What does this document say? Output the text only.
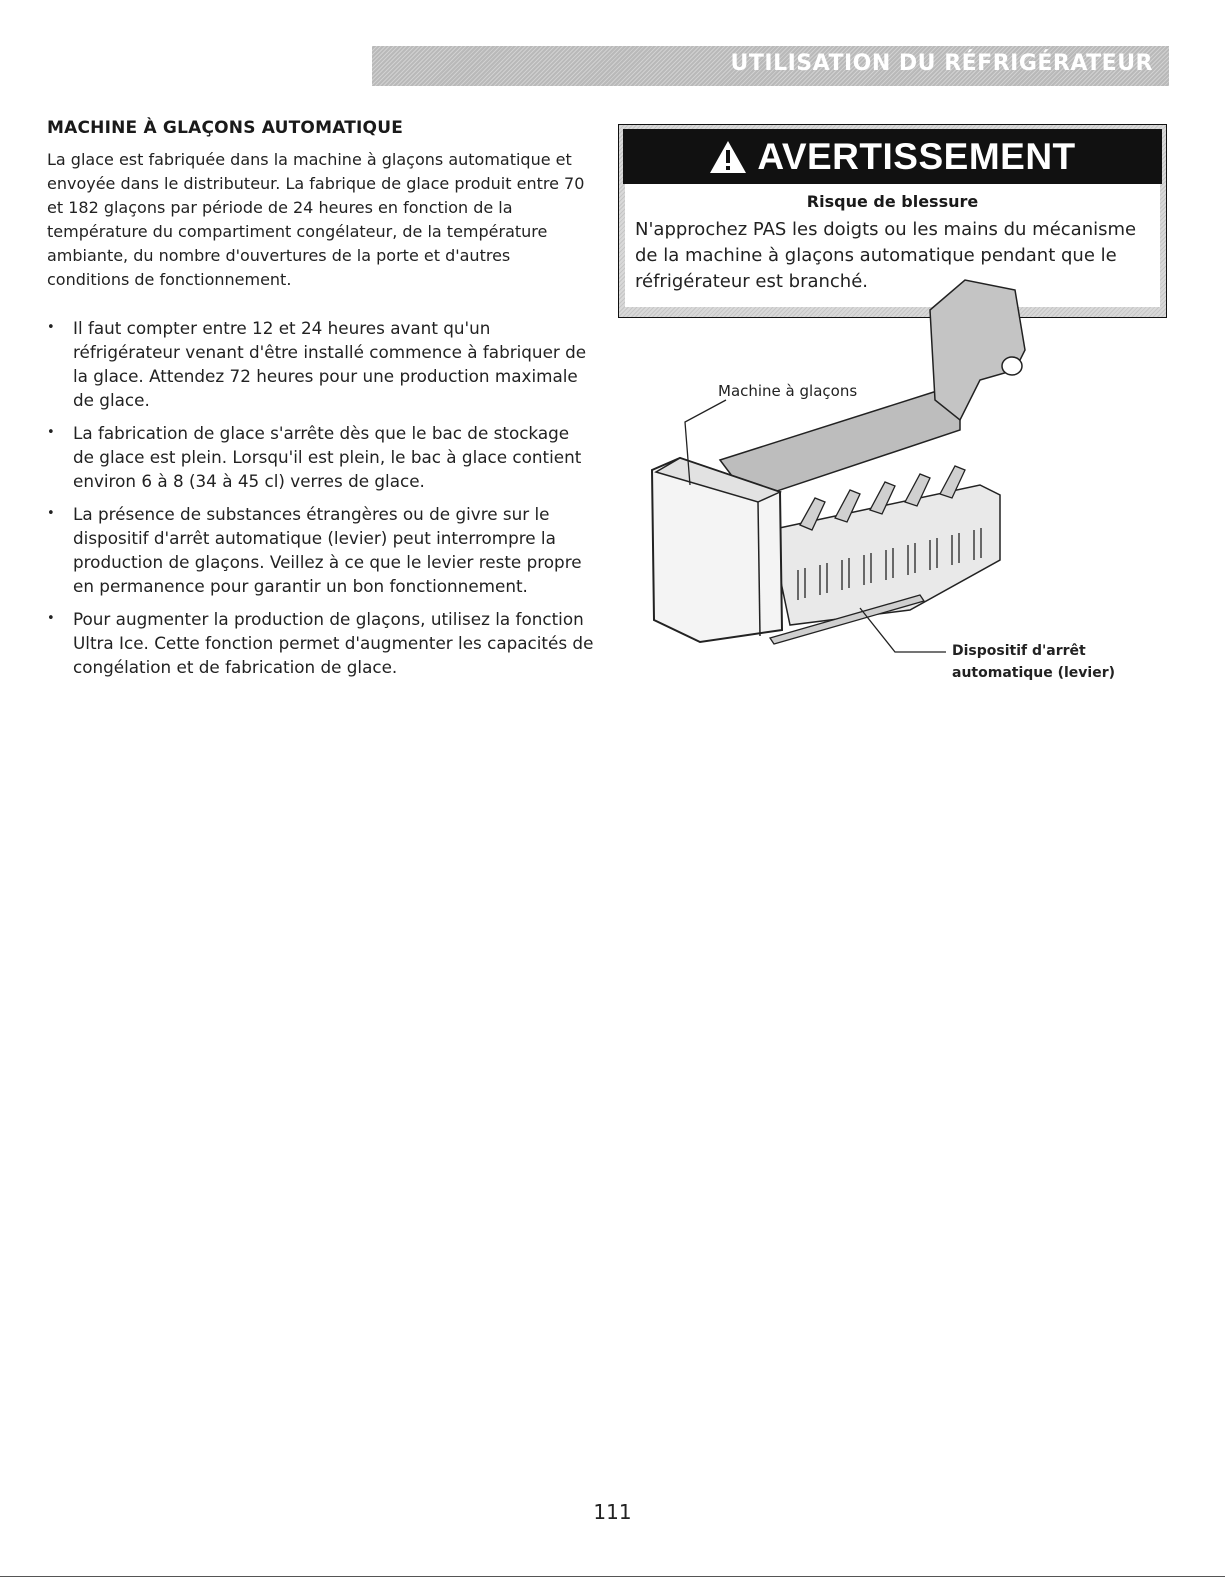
UTILISATION DU RÉFRIGÉRATEUR
MACHINE À GLAÇONS AUTOMATIQUE

La glace est fabriquée dans la machine à glaçons automatique et envoyée dans le distributeur. La fabrique de glace produit entre 70 et 182 glaçons par période de 24 heures en fonction de la température du compartiment congélateur, de la température ambiante, du nombre d'ouvertures de la porte et d'autres conditions de fonctionnement.

• Il faut compter entre 12 et 24 heures avant qu'un réfrigérateur venant d'être installé commence à fabriquer de la glace. Attendez 72 heures pour une production maximale de glace.
• La fabrication de glace s'arrête dès que le bac de stockage de glace est plein. Lorsqu'il est plein, le bac à glace contient environ 6 à 8 (34 à 45 cl) verres de glace.
• La présence de substances étrangères ou de givre sur le dispositif d'arrêt automatique (levier) peut interrompre la production de glaçons. Veillez à ce que le levier reste propre en permanence pour garantir un bon fonctionnement.
• Pour augmenter la production de glaçons, utilisez la fonction Ultra Ice. Cette fonction permet d'augmenter les capacités de congélation et de fabrication de glace.
AVERTISSEMENT
Risque de blessure

N'approchez PAS les doigts ou les mains du mécanisme de la machine à glaçons automatique pendant que le réfrigérateur est branché.

Machine à glaçons
Dispositif d'arrêt
automatique (levier)
111
